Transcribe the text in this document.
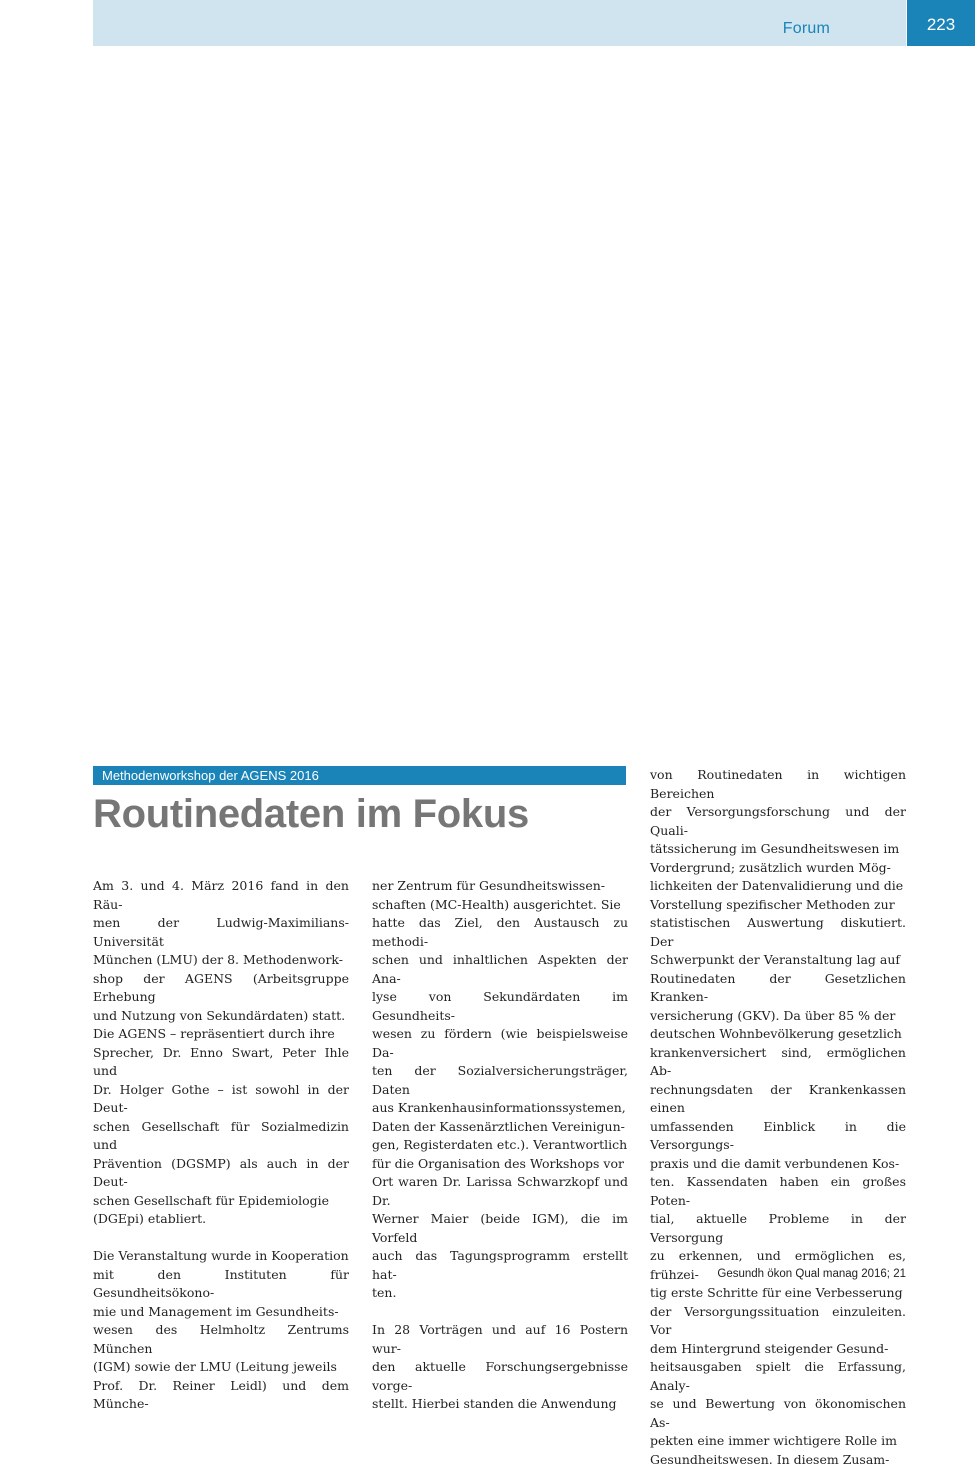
Forum	223
Methodenworkshop der AGENS 2016
Routinedaten im Fokus

Am 3. und 4. März 2016 fand in den Räu-
men der Ludwig-Maximilians-Universität
München (LMU) der 8. Methodenwork-
shop der AGENS (Arbeitsgruppe Erhebung
und Nutzung von Sekundärdaten) statt.
Die AGENS – repräsentiert durch ihre
Sprecher, Dr. Enno Swart, Peter Ihle und
Dr. Holger Gothe – ist sowohl in der Deut-
schen Gesellschaft für Sozialmedizin und
Prävention (DGSMP) als auch in der Deut-
schen Gesellschaft für Epidemiologie
(DGEpi) etabliert.

Die Veranstaltung wurde in Kooperation
mit den Instituten für Gesundheitsökono-
mie und Management im Gesundheits-
wesen des Helmholtz Zentrums München
(IGM) sowie der LMU (Leitung jeweils
Prof. Dr. Reiner Leidl) und dem Münche-

ner Zentrum für Gesundheitswissen-
schaften (MC-Health) ausgerichtet. Sie
hatte das Ziel, den Austausch zu methodi-
schen und inhaltlichen Aspekten der Ana-
lyse von Sekundärdaten im Gesundheits-
wesen zu fördern (wie beispielsweise Da-
ten der Sozialversicherungsträger, Daten
aus Krankenhausinformationssystemen,
Daten der Kassenärztlichen Vereinigun-
gen, Registerdaten etc.). Verantwortlich
für die Organisation des Workshops vor
Ort waren Dr. Larissa Schwarzkopf und Dr.
Werner Maier (beide IGM), die im Vorfeld
auch das Tagungsprogramm erstellt hat-
ten.

In 28 Vorträgen und auf 16 Postern wur-
den aktuelle Forschungsergebnisse vorge-
stellt. Hierbei standen die Anwendung

von Routinedaten in wichtigen Bereichen
der Versorgungsforschung und der Quali-
tätssicherung im Gesundheitswesen im
Vordergrund; zusätzlich wurden Mög-
lichkeiten der Datenvalidierung und die
Vorstellung spezifischer Methoden zur
statistischen Auswertung diskutiert. Der
Schwerpunkt der Veranstaltung lag auf
Routinedaten der Gesetzlichen Kranken-
versicherung (GKV). Da über 85 % der
deutschen Wohnbevölkerung gesetzlich
krankenversichert sind, ermöglichen Ab-
rechnungsdaten der Krankenkassen einen
umfassenden Einblick in die Versorgungs-
praxis und die damit verbundenen Kos-
ten. Kassendaten haben ein großes Poten-
tial, aktuelle Probleme in der Versorgung
zu erkennen, und ermöglichen es, frühzei-
tig erste Schritte für eine Verbesserung
der Versorgungssituation einzuleiten. Vor
dem Hintergrund steigender Gesund-
heitsausgaben spielt die Erfassung, Analy-
se und Bewertung von ökonomischen As-
pekten eine immer wichtigere Rolle im
Gesundheitswesen. In diesem Zusam-

Gesundh ökon Qual manag 2016; 21
